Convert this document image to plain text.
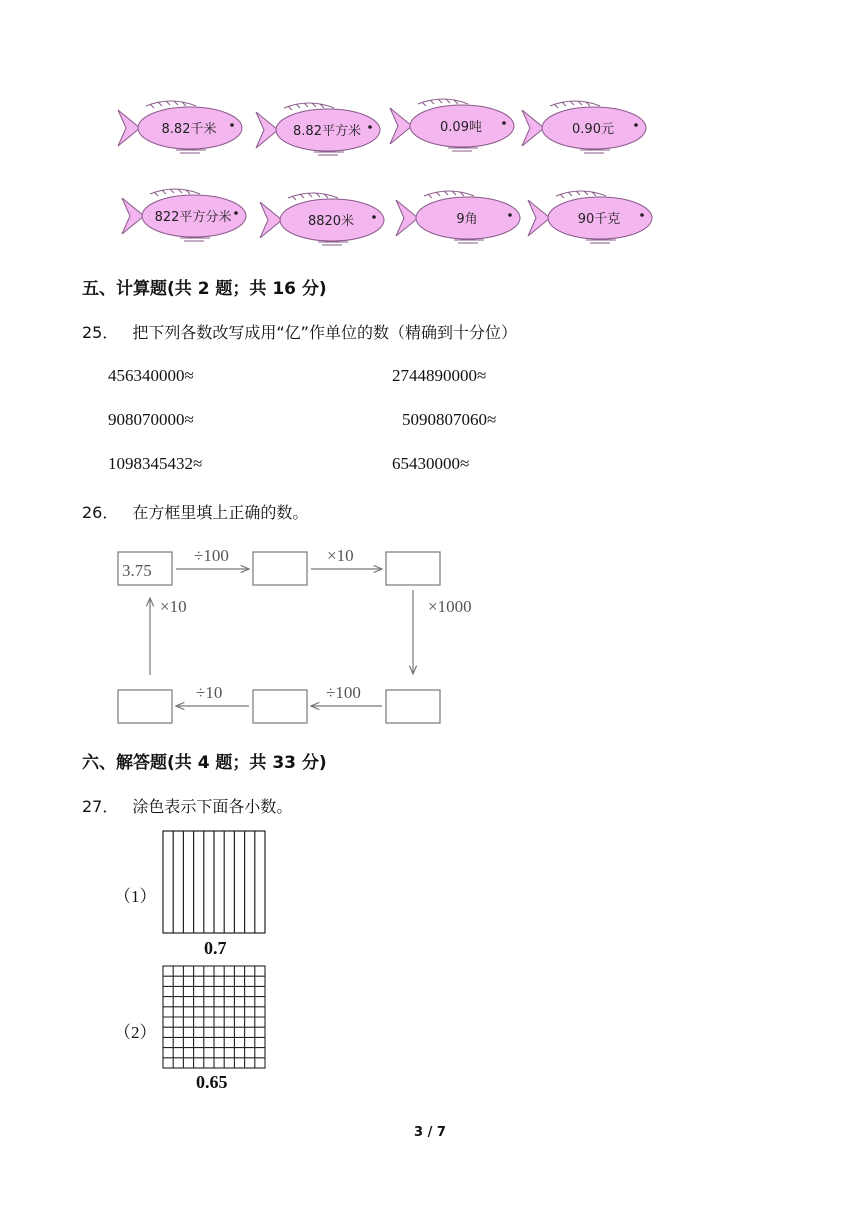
8.82千米	8.82平方米	0.09吨	0.90元
822平方分米	8820米	9角	90千克
五、计算题(共 2 题；共 16 分)
25． 把下列各数改写成用“亿”作单位的数（精确到十分位）
456340000≈	2744890000≈
908070000≈	5090807060≈
1098345432≈	65430000≈
26． 在方框里填上正确的数。
3.75
÷100	×10
×1000
÷100
÷10
×10
六、解答题(共 4 题；共 33 分)
27． 涂色表示下面各小数。
（1）
0.7
（2）
0.65
3 / 7
